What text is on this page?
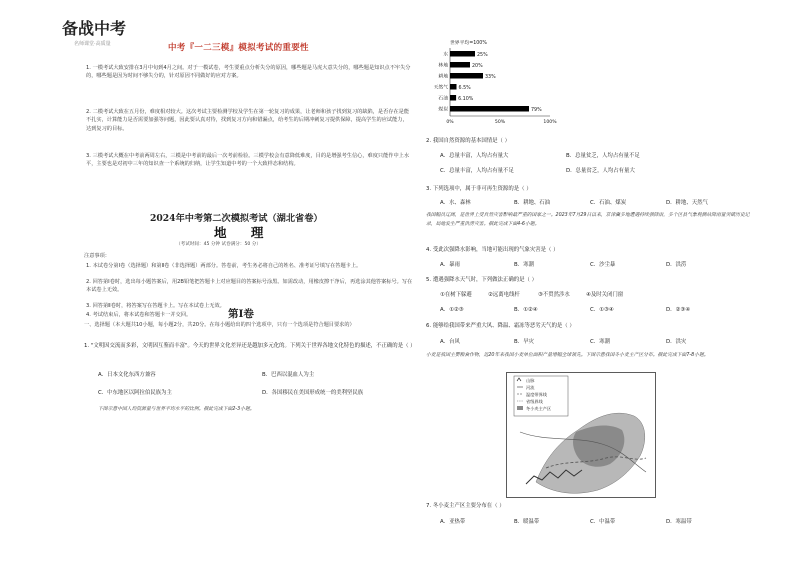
备战中考
名师课堂·高质量	中考『一二三模』模拟考试的重要性
1. 一模考试大致安排在3月中旬到4月之间。对于一模试卷，考生要重点分析失分的原因，哪些题是马虎大意失分的，哪些题是知识点不牢失分的，哪些题是因为时间不够失分的，针对原因不同做好的应对方案。
2. 二模考试大致在五月份，难度相对较大。这次考试主要检测学校及学生在第一轮复习的成果，让老师和孩子找到复习的缺陷，是否存在是能不扎实，计算能力是否需要加强等问题，因此要认真对待，找到复习方向和错漏点，给考生的后期冲刺复习提供保障，提高学生的应试能力，达到复习的目标。
3. 三模考试大概在中考前两周左右，三模是中考前的最后一次考前检验。三模学校会有意降低难度，目的是增强考生信心，难度只能作中上水平，主要也是对初中三年的知识查一个系统的归纳，让学生知道中考的一个大致样态和结构。
2024年中考第二次模拟考试（湖北省卷）
地 理
（考试时间：45 分钟 试卷满分：50 分）
注意事项：
1. 本试卷分第Ⅰ卷（选择题）和第Ⅱ卷（非选择题）两部分。答卷前，考生务必将自己的姓名、准考证号填写在答题卡上。
2. 回答第Ⅰ卷时，选出每小题答案后，用2B铅笔把答题卡上对应题目的答案标号涂黑。如需改动，用橡皮擦干净后，再选涂其他答案标号。写在本试卷上无效。
3. 回答第Ⅱ卷时，将答案写在答题卡上。写在本试卷上无效。
4. 考试结束后，将本试卷和答题卡一并交回。	第Ⅰ卷
一、选择题（本大题共10小题，每小题2分，共20分。在每小题给出的四个选项中，只有一个选项是符合题目要求的）
1. "文明因交流而多彩，文明因互鉴而丰富"。今天的世界文化差异还是越加多元化的。下列关于世界各地文化特色的描述，不正确的是（ ）
A．日本文化东西方兼容	B．巴西以混血人为主
C．中东地区以阿拉伯民族为主	D．各国移民在美国形成统一的美利坚民族
下图示意中国人均资源量与世界平均水平的比例。据此完成下面2-3小题。
世界平均=100%
水	25%
林地	20%
耕地	33%
天然气 6.5%
石油 6.10%
煤炭	79%
0%	50%	100%
2. 我国自然资源的基本国情是（ ）
A．总量丰富，人均占有量大	B．总量贫乏，人均占有量不足
C．总量丰富，人均占有量不足	D．总量贫乏，人均占有量大
3. 下列选项中，属于非可再生资源的是（ ）
A．水、森林	B．耕地、石油	C．石油、煤炭	D．耕地、天然气
我国幅员辽阔，是世界上受自然灾害影响最严重的国家之一。2023年7月29日以来，京津冀多地遭遇持续强降雨，多个区县气象观测站降雨量突破历史记录，局地发生严重洪涝灾害。据此完成下面4-6小题。
4. 受此次强降水影响，当地可能出现的气象灾害是（ ）
A．暴雨	B．寒潮	C．沙尘暴	D．洪涝
5. 遭遇强降水天气时，下列做法正确的是（ ）
①在树下躲避	②远离电线杆	③不贸然涉水	④及时关闭门窗
A．①②③	B．①②④	C．①③④	D．②③④
6. 能够给我国带来严重大风、降温、霜冻等恶劣天气的是（ ）
A．台风	B．旱灾	C．寒潮	D．洪灾
小麦是我国主要粮食作物，近20年来我国小麦单位面积产量增幅全球领先。下图示意我国冬小麦主产区分布。据此完成下面7-8小题。
山脉
河流
温度带界线
省级界线
冬小麦主产区
7. 冬小麦主产区主要分布在（ ）
A．亚热带	B．暖温带	C．中温带	D．寒温带
